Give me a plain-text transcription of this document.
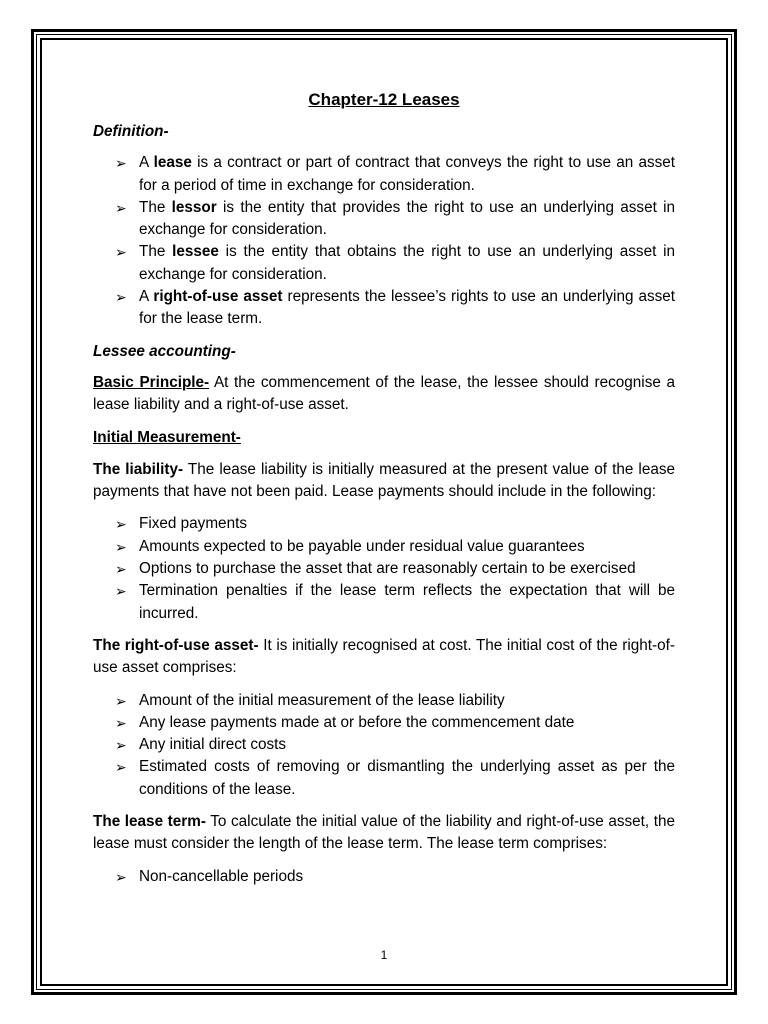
Chapter-12 Leases
Definition-
➢ A lease is a contract or part of contract that conveys the right to use an asset for a period of time in exchange for consideration.
➢ The lessor is the entity that provides the right to use an underlying asset in exchange for consideration.
➢ The lessee is the entity that obtains the right to use an underlying asset in exchange for consideration.
➢ A right-of-use asset represents the lessee’s rights to use an underlying asset for the lease term.
Lessee accounting-

Basic Principle- At the commencement of the lease, the lessee should recognise a lease liability and a right-of-use asset.

Initial Measurement-

The liability- The lease liability is initially measured at the present value of the lease payments that have not been paid. Lease payments should include in the following:

➢ Fixed payments
➢ Amounts expected to be payable under residual value guarantees
➢ Options to purchase the asset that are reasonably certain to be exercised
➢ Termination penalties if the lease term reflects the expectation that will be incurred.

The right-of-use asset- It is initially recognised at cost. The initial cost of the right-of-use asset comprises:

➢ Amount of the initial measurement of the lease liability
➢ Any lease payments made at or before the commencement date
➢ Any initial direct costs
➢ Estimated costs of removing or dismantling the underlying asset as per the conditions of the lease.

The lease term- To calculate the initial value of the liability and right-of-use asset, the lease must consider the length of the lease term. The lease term comprises:

➢ Non-cancellable periods
1
